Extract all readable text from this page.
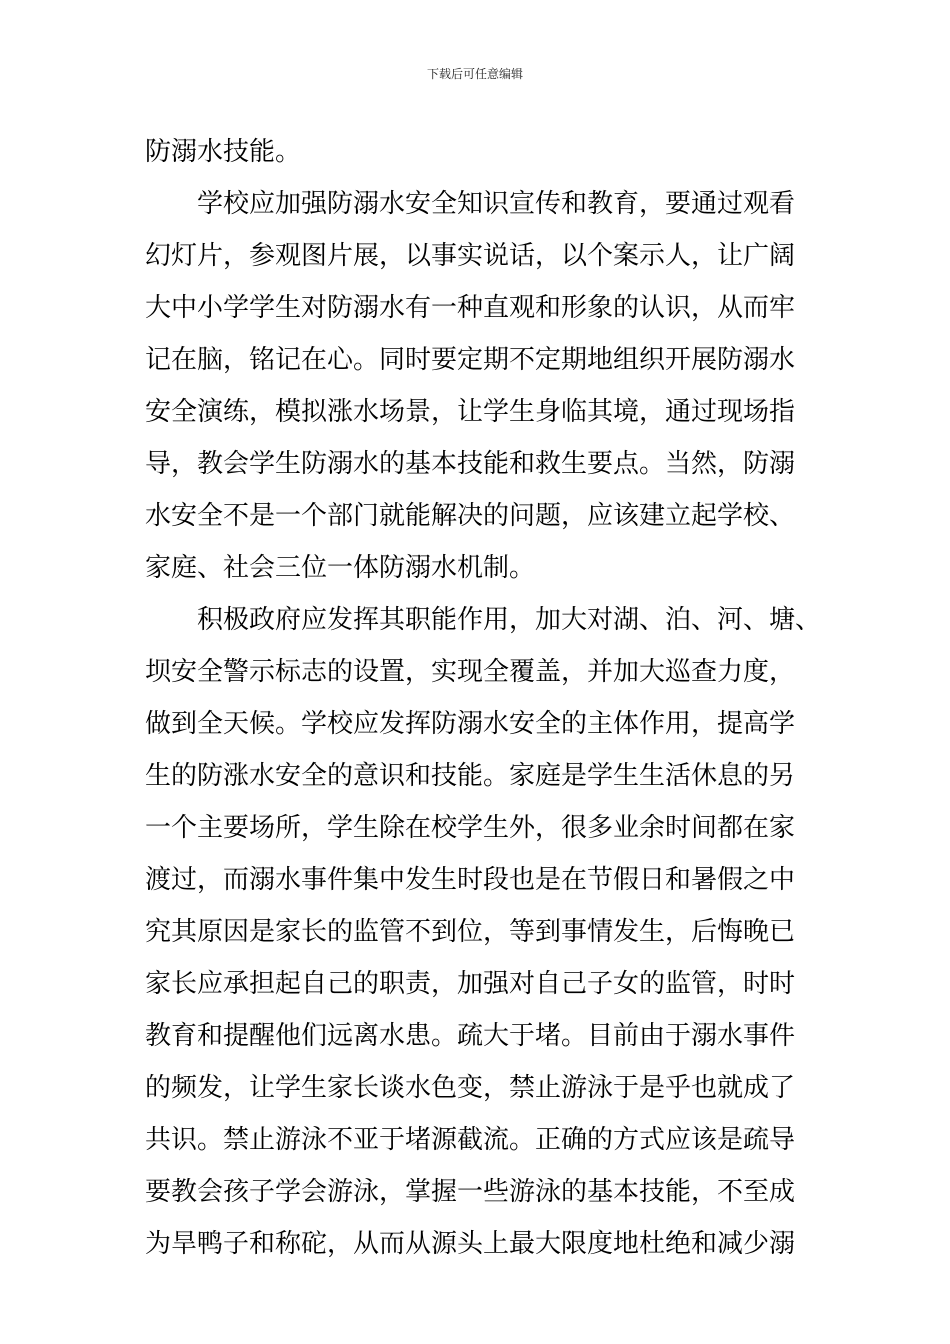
下载后可任意编辑
防溺水技能。
学校应加强防溺水安全知识宣传和教育，要通过观看
幻灯片，参观图片展，以事实说话，以个案示人，让广阔
大中小学学生对防溺水有一种直观和形象的认识，从而牢
记在脑，铭记在心。同时要定期不定期地组织开展防溺水
安全演练，模拟涨水场景，让学生身临其境，通过现场指
导，教会学生防溺水的基本技能和救生要点。当然，防溺
水安全不是一个部门就能解决的问题，应该建立起学校、
家庭、社会三位一体防溺水机制。
积极政府应发挥其职能作用，加大对湖、泊、河、塘、
坝安全警示标志的设置，实现全覆盖，并加大巡查力度，
做到全天候。学校应发挥防溺水安全的主体作用，提高学
生的防涨水安全的意识和技能。家庭是学生生活休息的另
一个主要场所，学生除在校学生外，很多业余时间都在家
渡过，而溺水事件集中发生时段也是在节假日和暑假之中
究其原因是家长的监管不到位，等到事情发生，后悔晚已
家长应承担起自己的职责，加强对自己子女的监管，时时
教育和提醒他们远离水患。疏大于堵。目前由于溺水事件
的频发，让学生家长谈水色变，禁止游泳于是乎也就成了
共识。禁止游泳不亚于堵源截流。正确的方式应该是疏导
要教会孩子学会游泳，掌握一些游泳的基本技能，不至成
为旱鸭子和称砣，从而从源头上最大限度地杜绝和减少溺
